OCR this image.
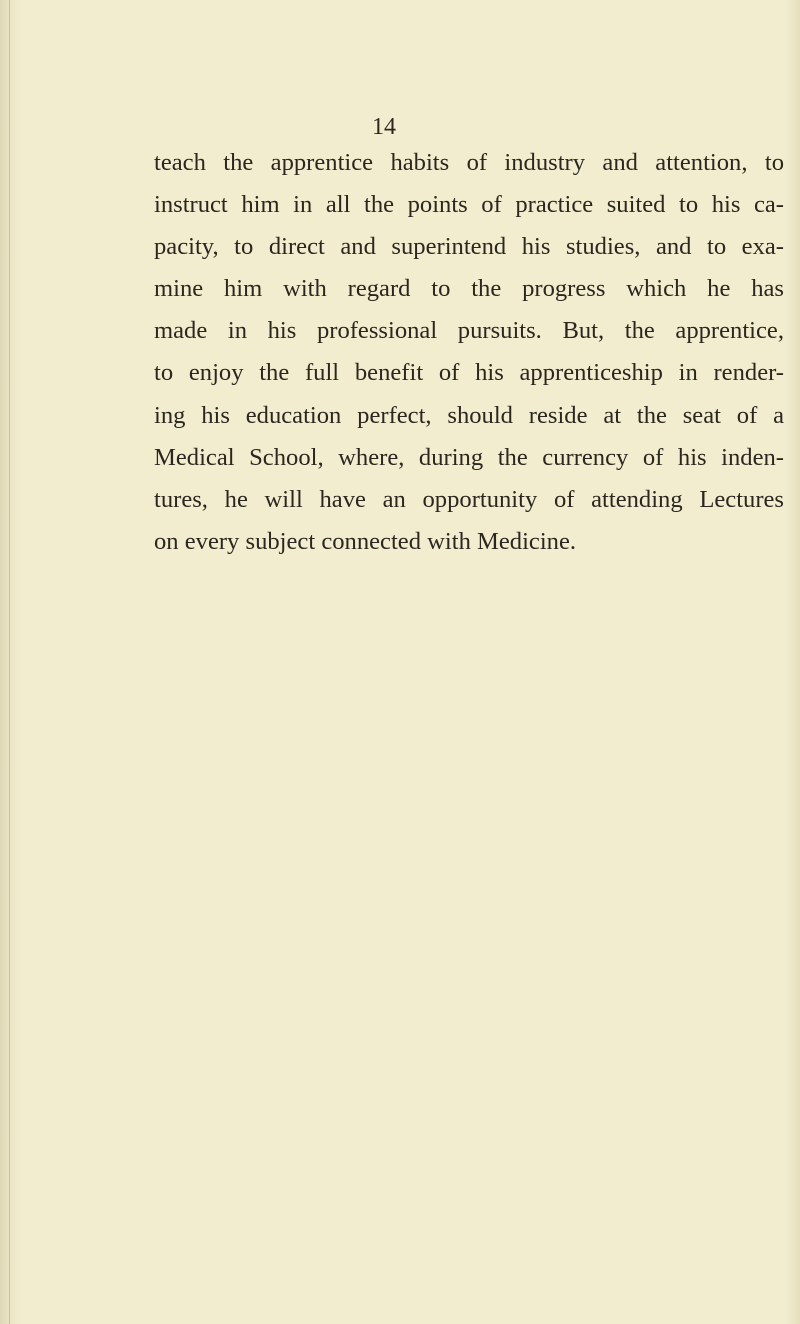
14
teach the apprentice habits of industry and attention, to
instruct him in all the points of practice suited to his ca-
pacity, to direct and superintend his studies, and to exa-
mine him with regard to the progress which he has
made in his professional pursuits. But, the apprentice,
to enjoy the full benefit of his apprenticeship in render-
ing his education perfect, should reside at the seat of a
Medical School, where, during the currency of his inden-
tures, he will have an opportunity of attending Lectures
on every subject connected with Medicine.
